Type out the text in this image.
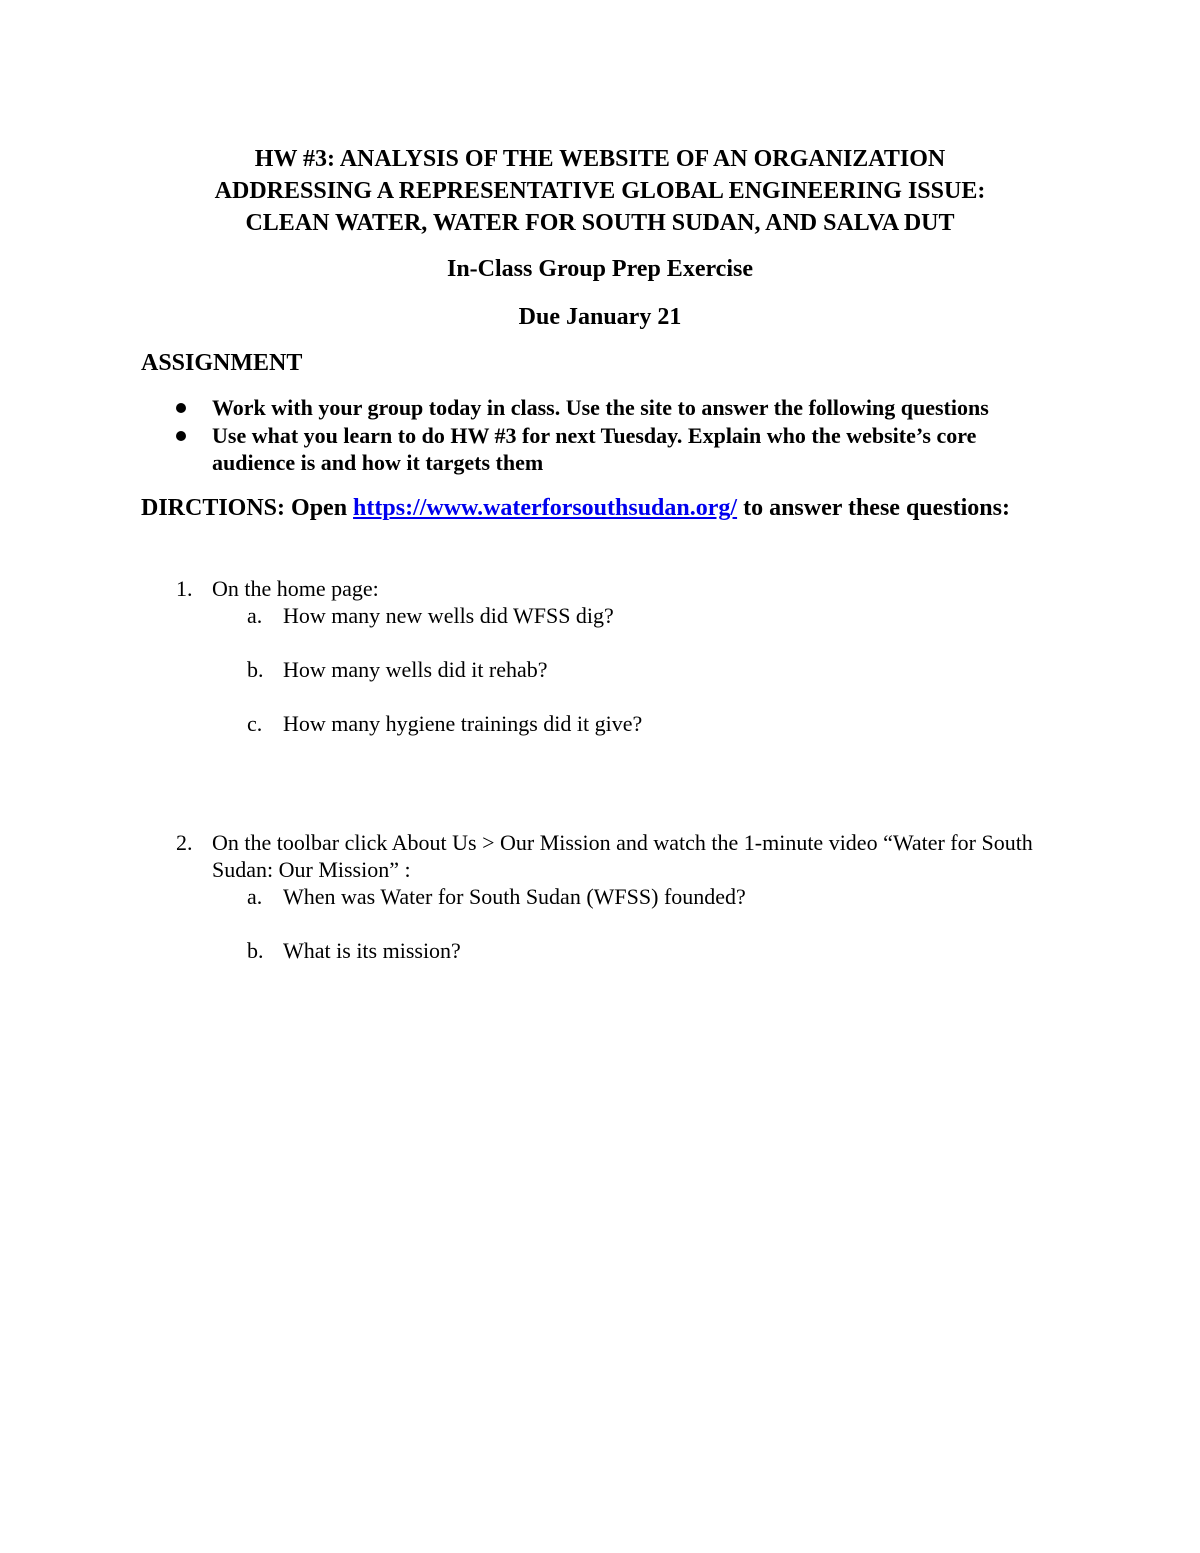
HW #3: ANALYSIS OF THE WEBSITE OF AN ORGANIZATION
ADDRESSING A REPRESENTATIVE GLOBAL ENGINEERING ISSUE:
CLEAN WATER, WATER FOR SOUTH SUDAN, AND SALVA DUT
In-Class Group Prep Exercise
Due January 21
ASSIGNMENT
Work with your group today in class. Use the site to answer the following questions
Use what you learn to do HW #3 for next Tuesday. Explain who the website’s core audience is and how it targets them
DIRCTIONS: Open https://www.waterforsouthsudan.org/ to answer these questions:
1. On the home page:
a. How many new wells did WFSS dig?
b. How many wells did it rehab?
c. How many hygiene trainings did it give?
2. On the toolbar click About Us > Our Mission and watch the 1-minute video “Water for South Sudan: Our Mission” :
a. When was Water for South Sudan (WFSS) founded?
b. What is its mission?
